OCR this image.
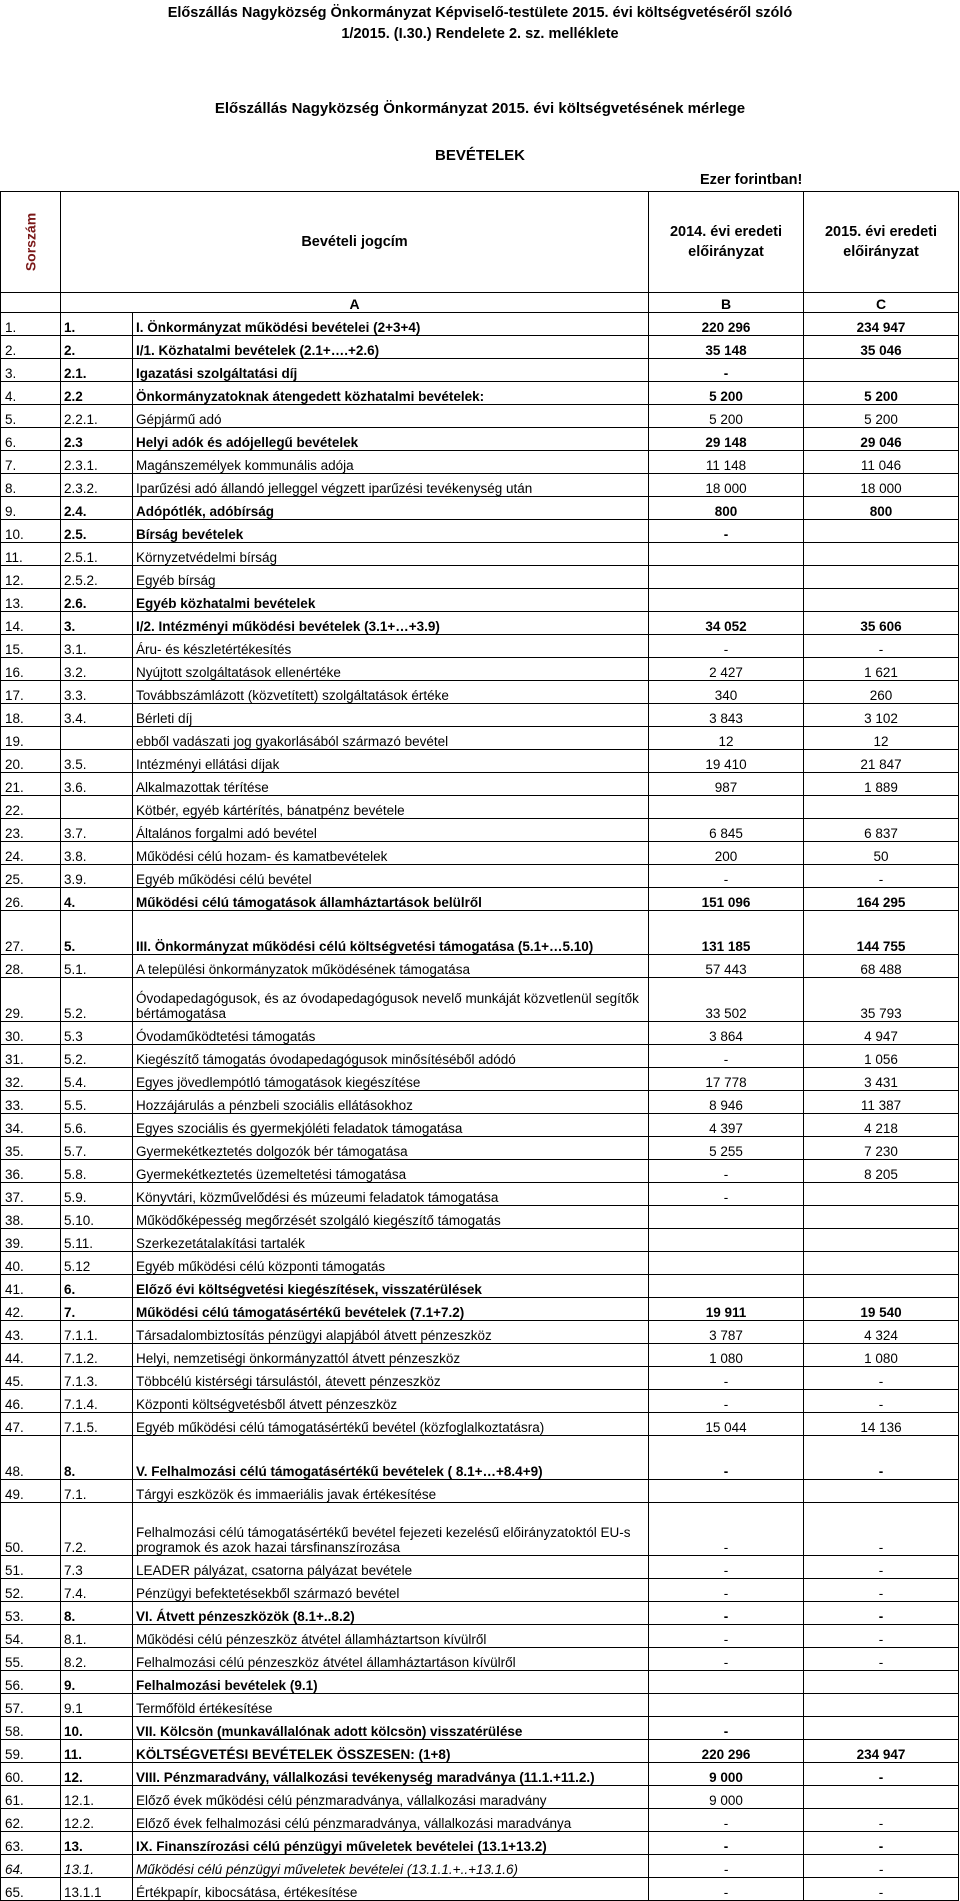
Előszállás Nagyközség Önkormányzat Képviselő-testülete 2015. évi költségvetéséről szóló
1/2015. (I.30.) Rendelete 2. sz. melléklete
Előszállás Nagyközség Önkormányzat 2015. évi költségvetésének mérlege
BEVÉTELEK
Ezer forintban!
Sorszám	Bevételi jogcím		2014. évi eredeti előirányzat	2015. évi eredeti előirányzat
	A		B	C
1.	1.	I. Önkormányzat működési bevételei (2+3+4)	220 296	234 947
2.	2.	I/1. Közhatalmi bevételek (2.1+….+2.6)	35 148	35 046
3.	2.1.	Igazatási szolgáltatási díj	-	
4.	2.2	Önkormányzatoknak átengedett közhatalmi bevételek:	5 200	5 200
5.	2.2.1.	Gépjármű adó	5 200	5 200
6.	2.3	Helyi adók és adójellegű bevételek	29 148	29 046
7.	2.3.1.	Magánszemélyek kommunális adója	11 148	11 046
8.	2.3.2.	Iparűzési adó állandó jelleggel végzett iparűzési tevékenység után	18 000	18 000
9.	2.4.	Adópótlék, adóbírság	800	800
10.	2.5.	Bírság bevételek	-	
11.	2.5.1.	Környzetvédelmi bírság		
12.	2.5.2.	Egyéb bírság		
13.	2.6.	Egyéb közhatalmi bevételek		
14.	3.	I/2. Intézményi működési bevételek (3.1+…+3.9)	34 052	35 606
15.	3.1.	Áru- és készletértékesítés	-	-
16.	3.2.	Nyújtott szolgáltatások ellenértéke	2 427	1 621
17.	3.3.	Továbbszámlázott (közvetített) szolgáltatások értéke	340	260
18.	3.4.	Bérleti díj	3 843	3 102
19.		ebből vadászati jog gyakorlásából származó bevétel	12	12
20.	3.5.	Intézményi ellátási díjak	19 410	21 847
21.	3.6.	Alkalmazottak térítése	987	1 889
22.		Kötbér, egyéb kártérítés, bánatpénz bevétele		
23.	3.7.	Általános forgalmi adó bevétel	6 845	6 837
24.	3.8.	Működési célú hozam- és kamatbevételek	200	50
25.	3.9.	Egyéb működési célú bevétel	-	-
26.	4.	Működési célú támogatások államháztartások belülről	151 096	164 295
27.	5.	III. Önkormányzat működési célú költségvetési támogatása (5.1+…5.10)	131 185	144 755
28.	5.1.	A települési önkormányzatok működésének támogatása	57 443	68 488
29.	5.2.	Óvodapedagógusok, és az óvodapedagógusok nevelő munkáját közvetlenül segítők bértámogatása	33 502	35 793
30.	5.3	Óvodaműködtetési támogatás	3 864	4 947
31.	5.2.	Kiegészítő támogatás óvodapedagógusok minősítéséből adódó	-	1 056
32.	5.4.	Egyes jövedlempótló támogatások kiegészítése	17 778	3 431
33.	5.5.	Hozzájárulás a pénzbeli szociális ellátásokhoz	8 946	11 387
34.	5.6.	Egyes szociális és gyermekjóléti feladatok támogatása	4 397	4 218
35.	5.7.	Gyermekétkeztetés dolgozók bér támogatása	5 255	7 230
36.	5.8.	Gyermekétkeztetés üzemeltetési támogatása	-	8 205
37.	5.9.	Könyvtári, közművelődési és múzeumi feladatok támogatása	-	
38.	5.10.	Működőképesség megőrzését szolgáló kiegészítő támogatás		
39.	5.11.	Szerkezetátalakítási tartalék		
40.	5.12	Egyéb működési célú központi támogatás		
41.	6.	Előző évi költségvetési kiegészítések, visszatérülések		
42.	7.	Működési célú támogatásértékű bevételek (7.1+7.2)	19 911	19 540
43.	7.1.1.	Társadalombiztosítás pénzügyi alapjából átvett pénzeszköz	3 787	4 324
44.	7.1.2.	Helyi, nemzetiségi önkormányzattól átvett pénzeszköz	1 080	1 080
45.	7.1.3.	Többcélú kistérségi társulástól, átevett pénzeszköz	-	-
46.	7.1.4.	Központi költségvetésből átvett pénzeszköz	-	-
47.	7.1.5.	Egyéb működési célú támogatásértékű bevétel (közfoglalkoztatásra)	15 044	14 136
48.	8.	V. Felhalmozási célú támogatásértékű bevételek ( 8.1+…+8.4+9)	-	-
49.	7.1.	Tárgyi eszközök és immaeriális javak értékesítése		
50.	7.2.	Felhalmozási célú támogatásértékű bevétel fejezeti kezelésű előirányzatoktól EU-s programok és azok hazai társfinanszírozása	-	-
51.	7.3	LEADER pályázat, csatorna pályázat bevétele	-	-
52.	7.4.	Pénzügyi befektetésekből származó bevétel	-	-
53.	8.	VI. Átvett pénzeszközök (8.1+..8.2)	-	-
54.	8.1.	Működési célú pénzeszköz átvétel államháztartson kívülről	-	-
55.	8.2.	Felhalmozási célú pénzeszköz átvétel államháztartáson kívülről	-	-
56.	9.	Felhalmozási bevételek (9.1)		
57.	9.1	Termőföld értékesítése		
58.	10.	VII. Kölcsön (munkavállalónak adott kölcsön) visszatérülése	-	
59.	11.	KÖLTSÉGVETÉSI BEVÉTELEK ÖSSZESEN: (1+8)	220 296	234 947
60.	12.	VIII. Pénzmaradvány, vállalkozási tevékenység maradványa (11.1.+11.2.)	9 000	-
61.	12.1.	Előző évek működési célú pénzmaradványa, vállalkozási maradvány	9 000	
62.	12.2.	Előző évek felhalmozási célú pénzmaradványa, vállalkozási maradványa	-	-
63.	13.	IX. Finanszírozási célú pénzügyi műveletek bevételei (13.1+13.2)	-	-
64.	13.1.	Működési célú pénzügyi műveletek bevételei (13.1.1.+..+13.1.6)	-	-
65.	13.1.1	Értékpapír, kibocsátása, értékesítése	-	-
